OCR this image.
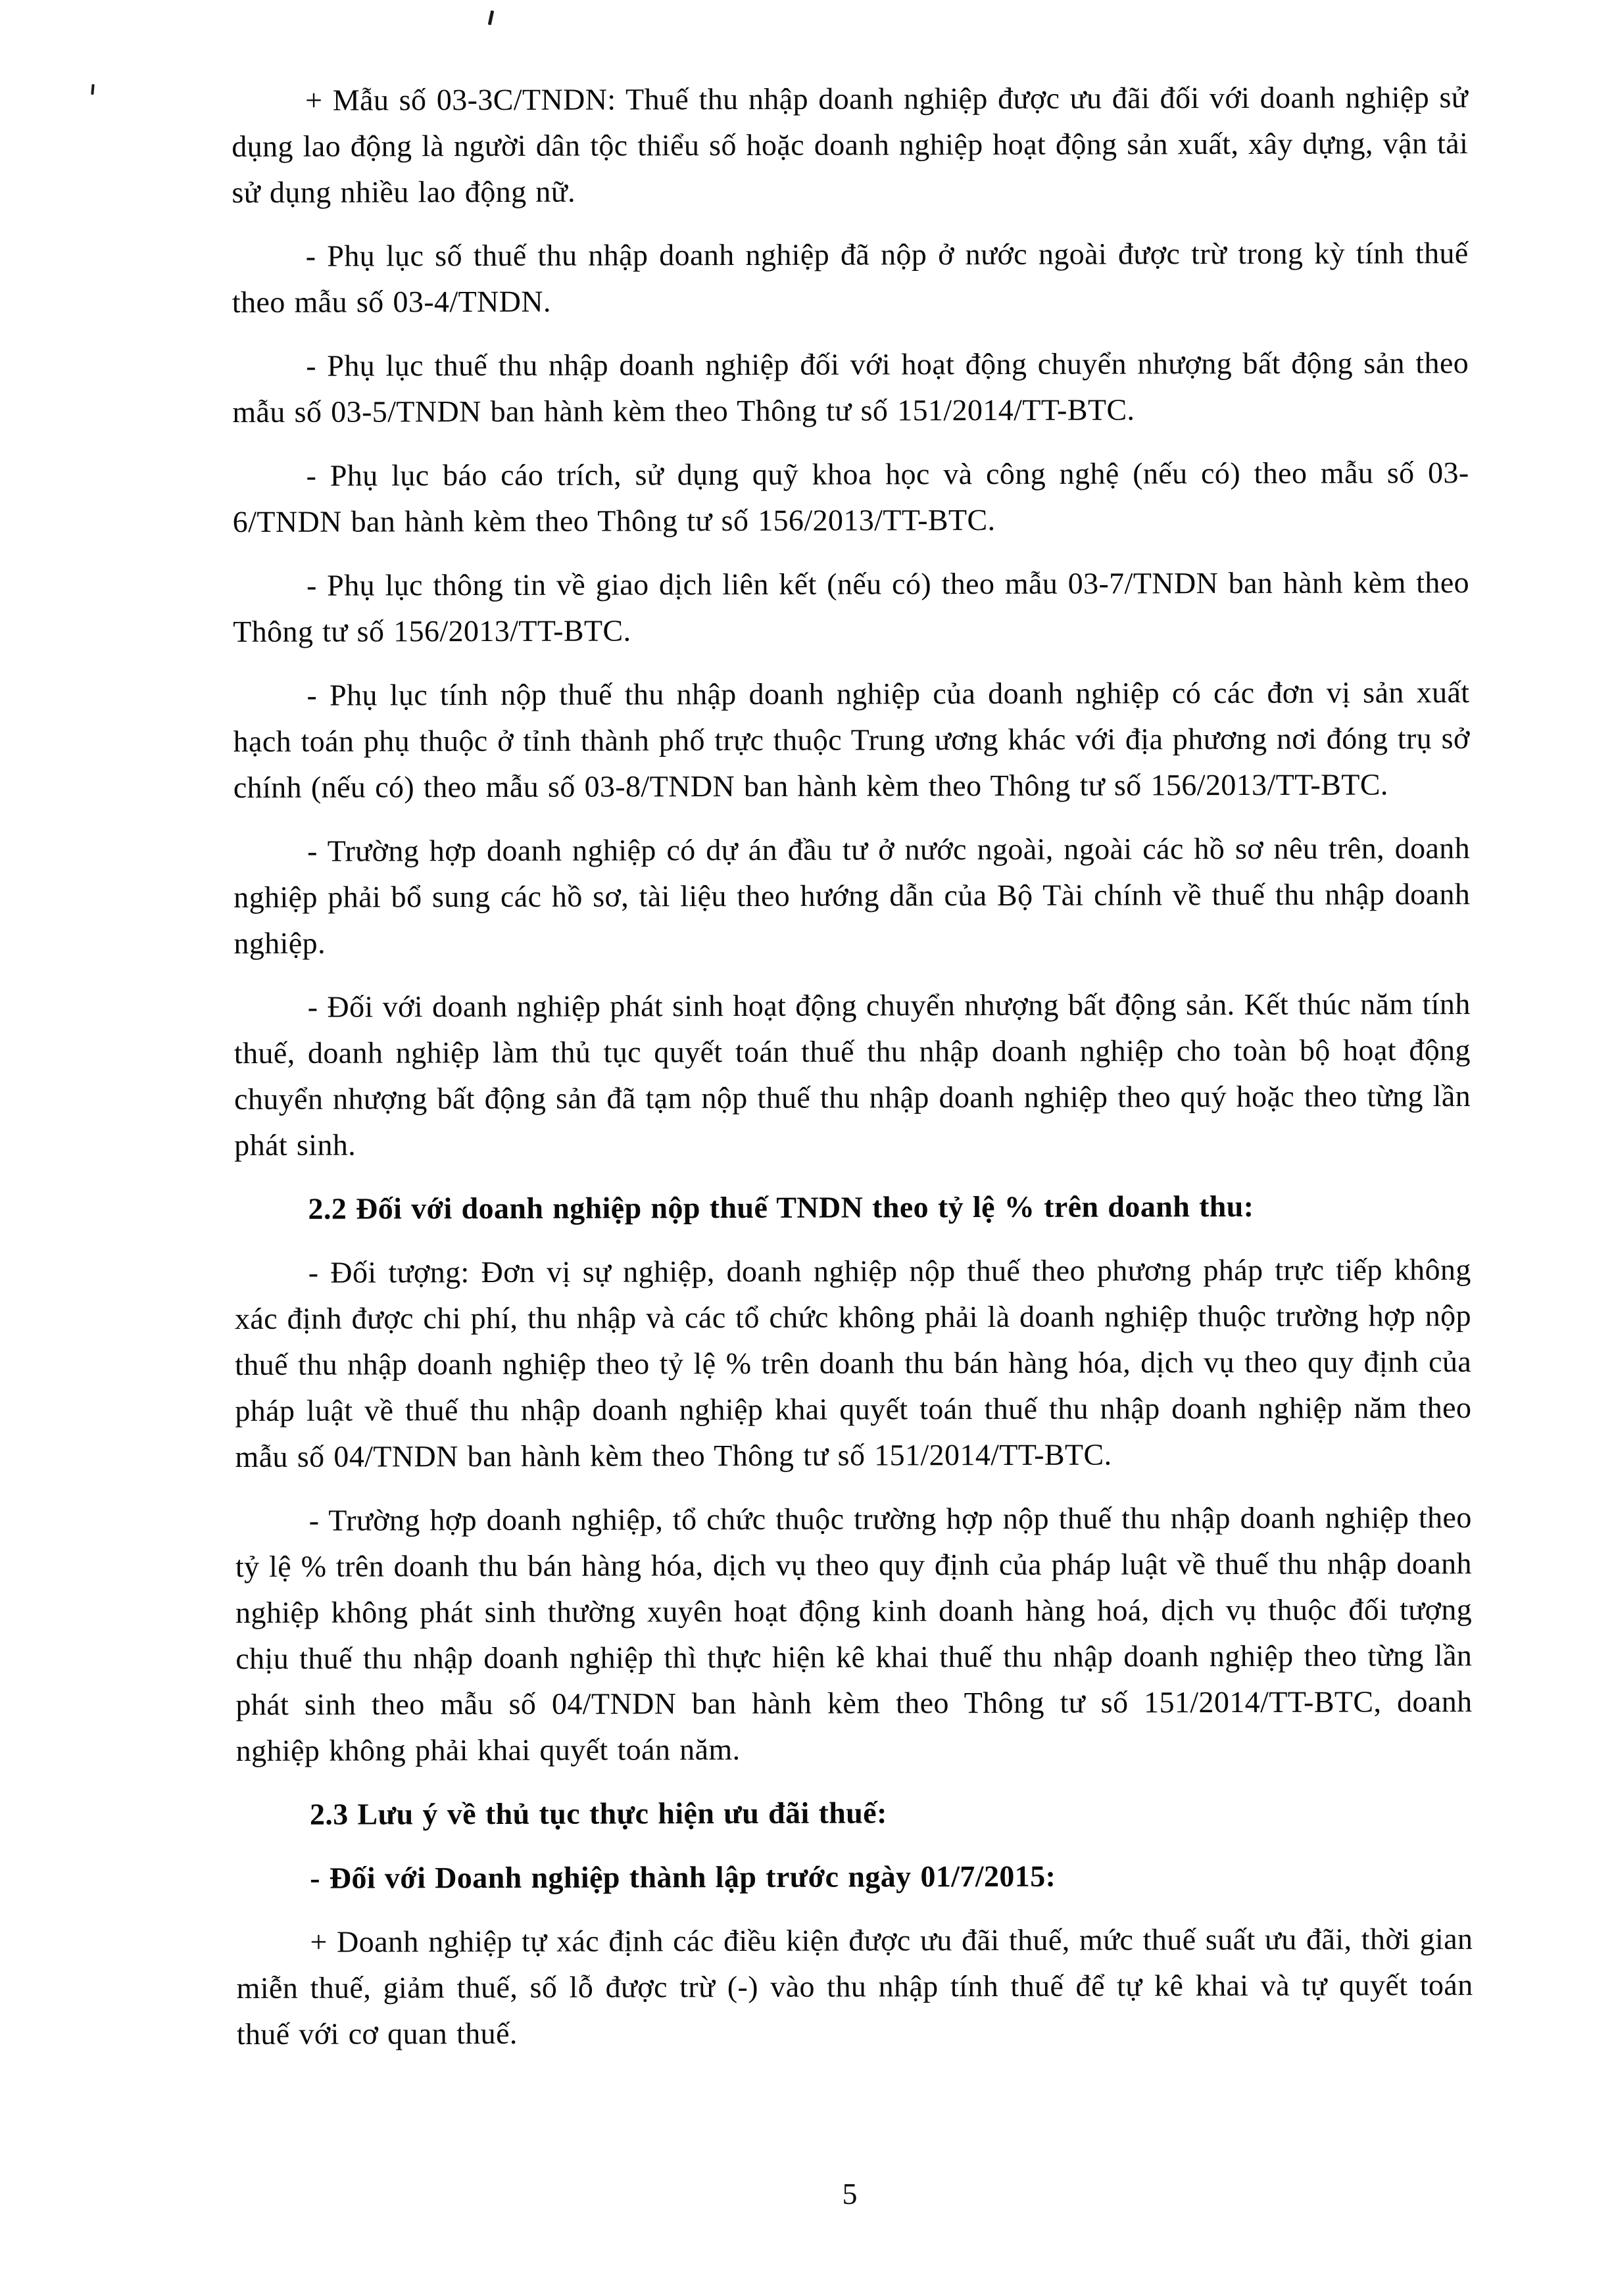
+ Mẫu số 03-3C/TNDN: Thuế thu nhập doanh nghiệp được ưu đãi đối với doanh nghiệp sử dụng lao động là người dân tộc thiểu số hoặc doanh nghiệp hoạt động sản xuất, xây dựng, vận tải sử dụng nhiều lao động nữ.

- Phụ lục số thuế thu nhập doanh nghiệp đã nộp ở nước ngoài được trừ trong kỳ tính thuế theo mẫu số 03-4/TNDN.

- Phụ lục thuế thu nhập doanh nghiệp đối với hoạt động chuyển nhượng bất động sản theo mẫu số 03-5/TNDN ban hành kèm theo Thông tư số 151/2014/TT-BTC.

- Phụ lục báo cáo trích, sử dụng quỹ khoa học và công nghệ (nếu có) theo mẫu số 03-6/TNDN ban hành kèm theo Thông tư số 156/2013/TT-BTC.

- Phụ lục thông tin về giao dịch liên kết (nếu có) theo mẫu 03-7/TNDN ban hành kèm theo Thông tư số 156/2013/TT-BTC.

- Phụ lục tính nộp thuế thu nhập doanh nghiệp của doanh nghiệp có các đơn vị sản xuất hạch toán phụ thuộc ở tỉnh thành phố trực thuộc Trung ương khác với địa phương nơi đóng trụ sở chính (nếu có) theo mẫu số 03-8/TNDN ban hành kèm theo Thông tư số 156/2013/TT-BTC.

- Trường hợp doanh nghiệp có dự án đầu tư ở nước ngoài, ngoài các hồ sơ nêu trên, doanh nghiệp phải bổ sung các hồ sơ, tài liệu theo hướng dẫn của Bộ Tài chính về thuế thu nhập doanh nghiệp.

- Đối với doanh nghiệp phát sinh hoạt động chuyển nhượng bất động sản. Kết thúc năm tính thuế, doanh nghiệp làm thủ tục quyết toán thuế thu nhập doanh nghiệp cho toàn bộ hoạt động chuyển nhượng bất động sản đã tạm nộp thuế thu nhập doanh nghiệp theo quý hoặc theo từng lần phát sinh.

2.2 Đối với doanh nghiệp nộp thuế TNDN theo tỷ lệ % trên doanh thu:

- Đối tượng: Đơn vị sự nghiệp, doanh nghiệp nộp thuế theo phương pháp trực tiếp không xác định được chi phí, thu nhập và các tổ chức không phải là doanh nghiệp thuộc trường hợp nộp thuế thu nhập doanh nghiệp theo tỷ lệ % trên doanh thu bán hàng hóa, dịch vụ theo quy định của pháp luật về thuế thu nhập doanh nghiệp khai quyết toán thuế thu nhập doanh nghiệp năm theo mẫu số 04/TNDN ban hành kèm theo Thông tư số 151/2014/TT-BTC.

- Trường hợp doanh nghiệp, tổ chức thuộc trường hợp nộp thuế thu nhập doanh nghiệp theo tỷ lệ % trên doanh thu bán hàng hóa, dịch vụ theo quy định của pháp luật về thuế thu nhập doanh nghiệp không phát sinh thường xuyên hoạt động kinh doanh hàng hoá, dịch vụ thuộc đối tượng chịu thuế thu nhập doanh nghiệp thì thực hiện kê khai thuế thu nhập doanh nghiệp theo từng lần phát sinh theo mẫu số 04/TNDN ban hành kèm theo Thông tư số 151/2014/TT-BTC, doanh nghiệp không phải khai quyết toán năm.

2.3 Lưu ý về thủ tục thực hiện ưu đãi thuế:

- Đối với Doanh nghiệp thành lập trước ngày 01/7/2015:

+ Doanh nghiệp tự xác định các điều kiện được ưu đãi thuế, mức thuế suất ưu đãi, thời gian miễn thuế, giảm thuế, số lỗ được trừ (-) vào thu nhập tính thuế để tự kê khai và tự quyết toán thuế với cơ quan thuế.

5
